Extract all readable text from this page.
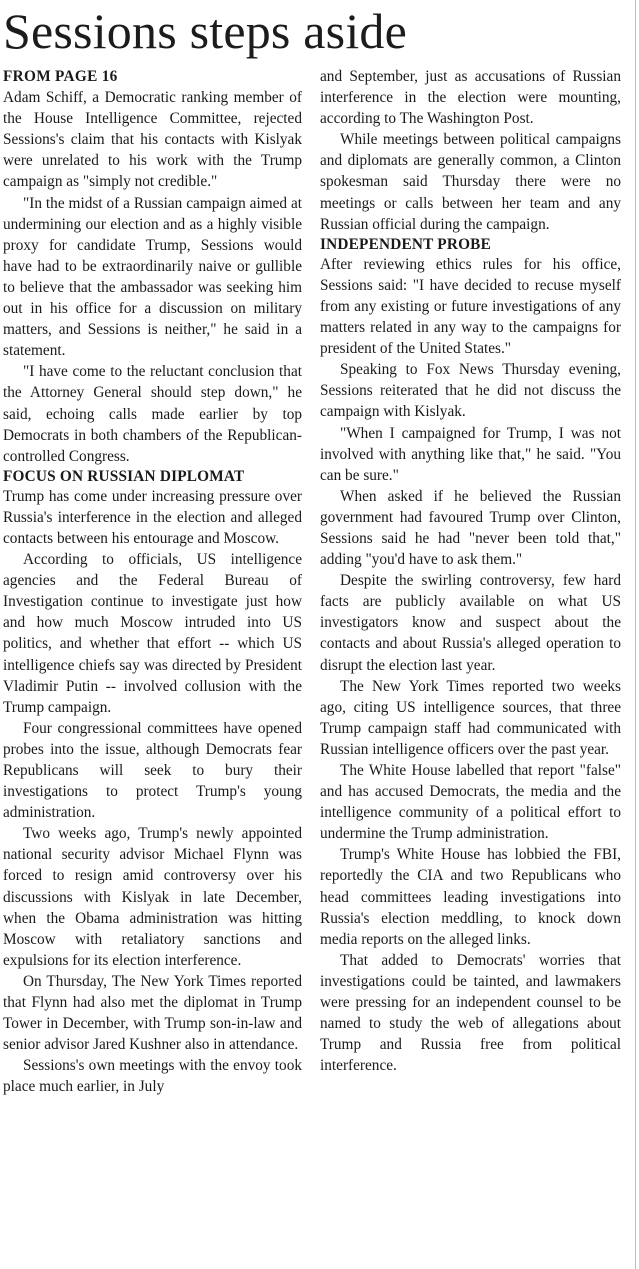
Sessions steps aside

FROM PAGE 16

Adam Schiff, a Democratic ranking member of the House Intelligence Committee, rejected Sessions's claim that his contacts with Kislyak were unrelated to his work with the Trump campaign as "simply not credible."

"In the midst of a Russian campaign aimed at undermining our election and as a highly visible proxy for candidate Trump, Sessions would have had to be extraordinarily naive or gullible to believe that the ambassador was seeking him out in his office for a discussion on military matters, and Sessions is neither," he said in a statement.

"I have come to the reluctant conclusion that the Attorney General should step down," he said, echoing calls made earlier by top Democrats in both chambers of the Republican-controlled Congress.

FOCUS ON RUSSIAN DIPLOMAT

Trump has come under increasing pressure over Russia's interference in the election and alleged contacts between his entourage and Moscow.

According to officials, US intelligence agencies and the Federal Bureau of Investigation continue to investigate just how and how much Moscow intruded into US politics, and whether that effort -- which US intelligence chiefs say was directed by President Vladimir Putin -- involved collusion with the Trump campaign.

Four congressional committees have opened probes into the issue, although Democrats fear Republicans will seek to bury their investigations to protect Trump's young administration.

Two weeks ago, Trump's newly appointed national security advisor Michael Flynn was forced to resign amid controversy over his discussions with Kislyak in late December, when the Obama administration was hitting Moscow with retaliatory sanctions and expulsions for its election interference.

On Thursday, The New York Times reported that Flynn had also met the diplomat in Trump Tower in December, with Trump son-in-law and senior advisor Jared Kushner also in attendance.

Sessions's own meetings with the envoy took place much earlier, in July

and September, just as accusations of Russian interference in the election were mounting, according to The Washington Post.

While meetings between political campaigns and diplomats are generally common, a Clinton spokesman said Thursday there were no meetings or calls between her team and any Russian official during the campaign.

INDEPENDENT PROBE

After reviewing ethics rules for his office, Sessions said: "I have decided to recuse myself from any existing or future investigations of any matters related in any way to the campaigns for president of the United States."

Speaking to Fox News Thursday evening, Sessions reiterated that he did not discuss the campaign with Kislyak.

"When I campaigned for Trump, I was not involved with anything like that," he said. "You can be sure."

When asked if he believed the Russian government had favoured Trump over Clinton, Sessions said he had "never been told that," adding "you'd have to ask them."

Despite the swirling controversy, few hard facts are publicly available on what US investigators know and suspect about the contacts and about Russia's alleged operation to disrupt the election last year.

The New York Times reported two weeks ago, citing US intelligence sources, that three Trump campaign staff had communicated with Russian intelligence officers over the past year.

The White House labelled that report "false" and has accused Democrats, the media and the intelligence community of a political effort to undermine the Trump administration.

Trump's White House has lobbied the FBI, reportedly the CIA and two Republicans who head committees leading investigations into Russia's election meddling, to knock down media reports on the alleged links.

That added to Democrats' worries that investigations could be tainted, and lawmakers were pressing for an independent counsel to be named to study the web of allegations about Trump and Russia free from political interference.
